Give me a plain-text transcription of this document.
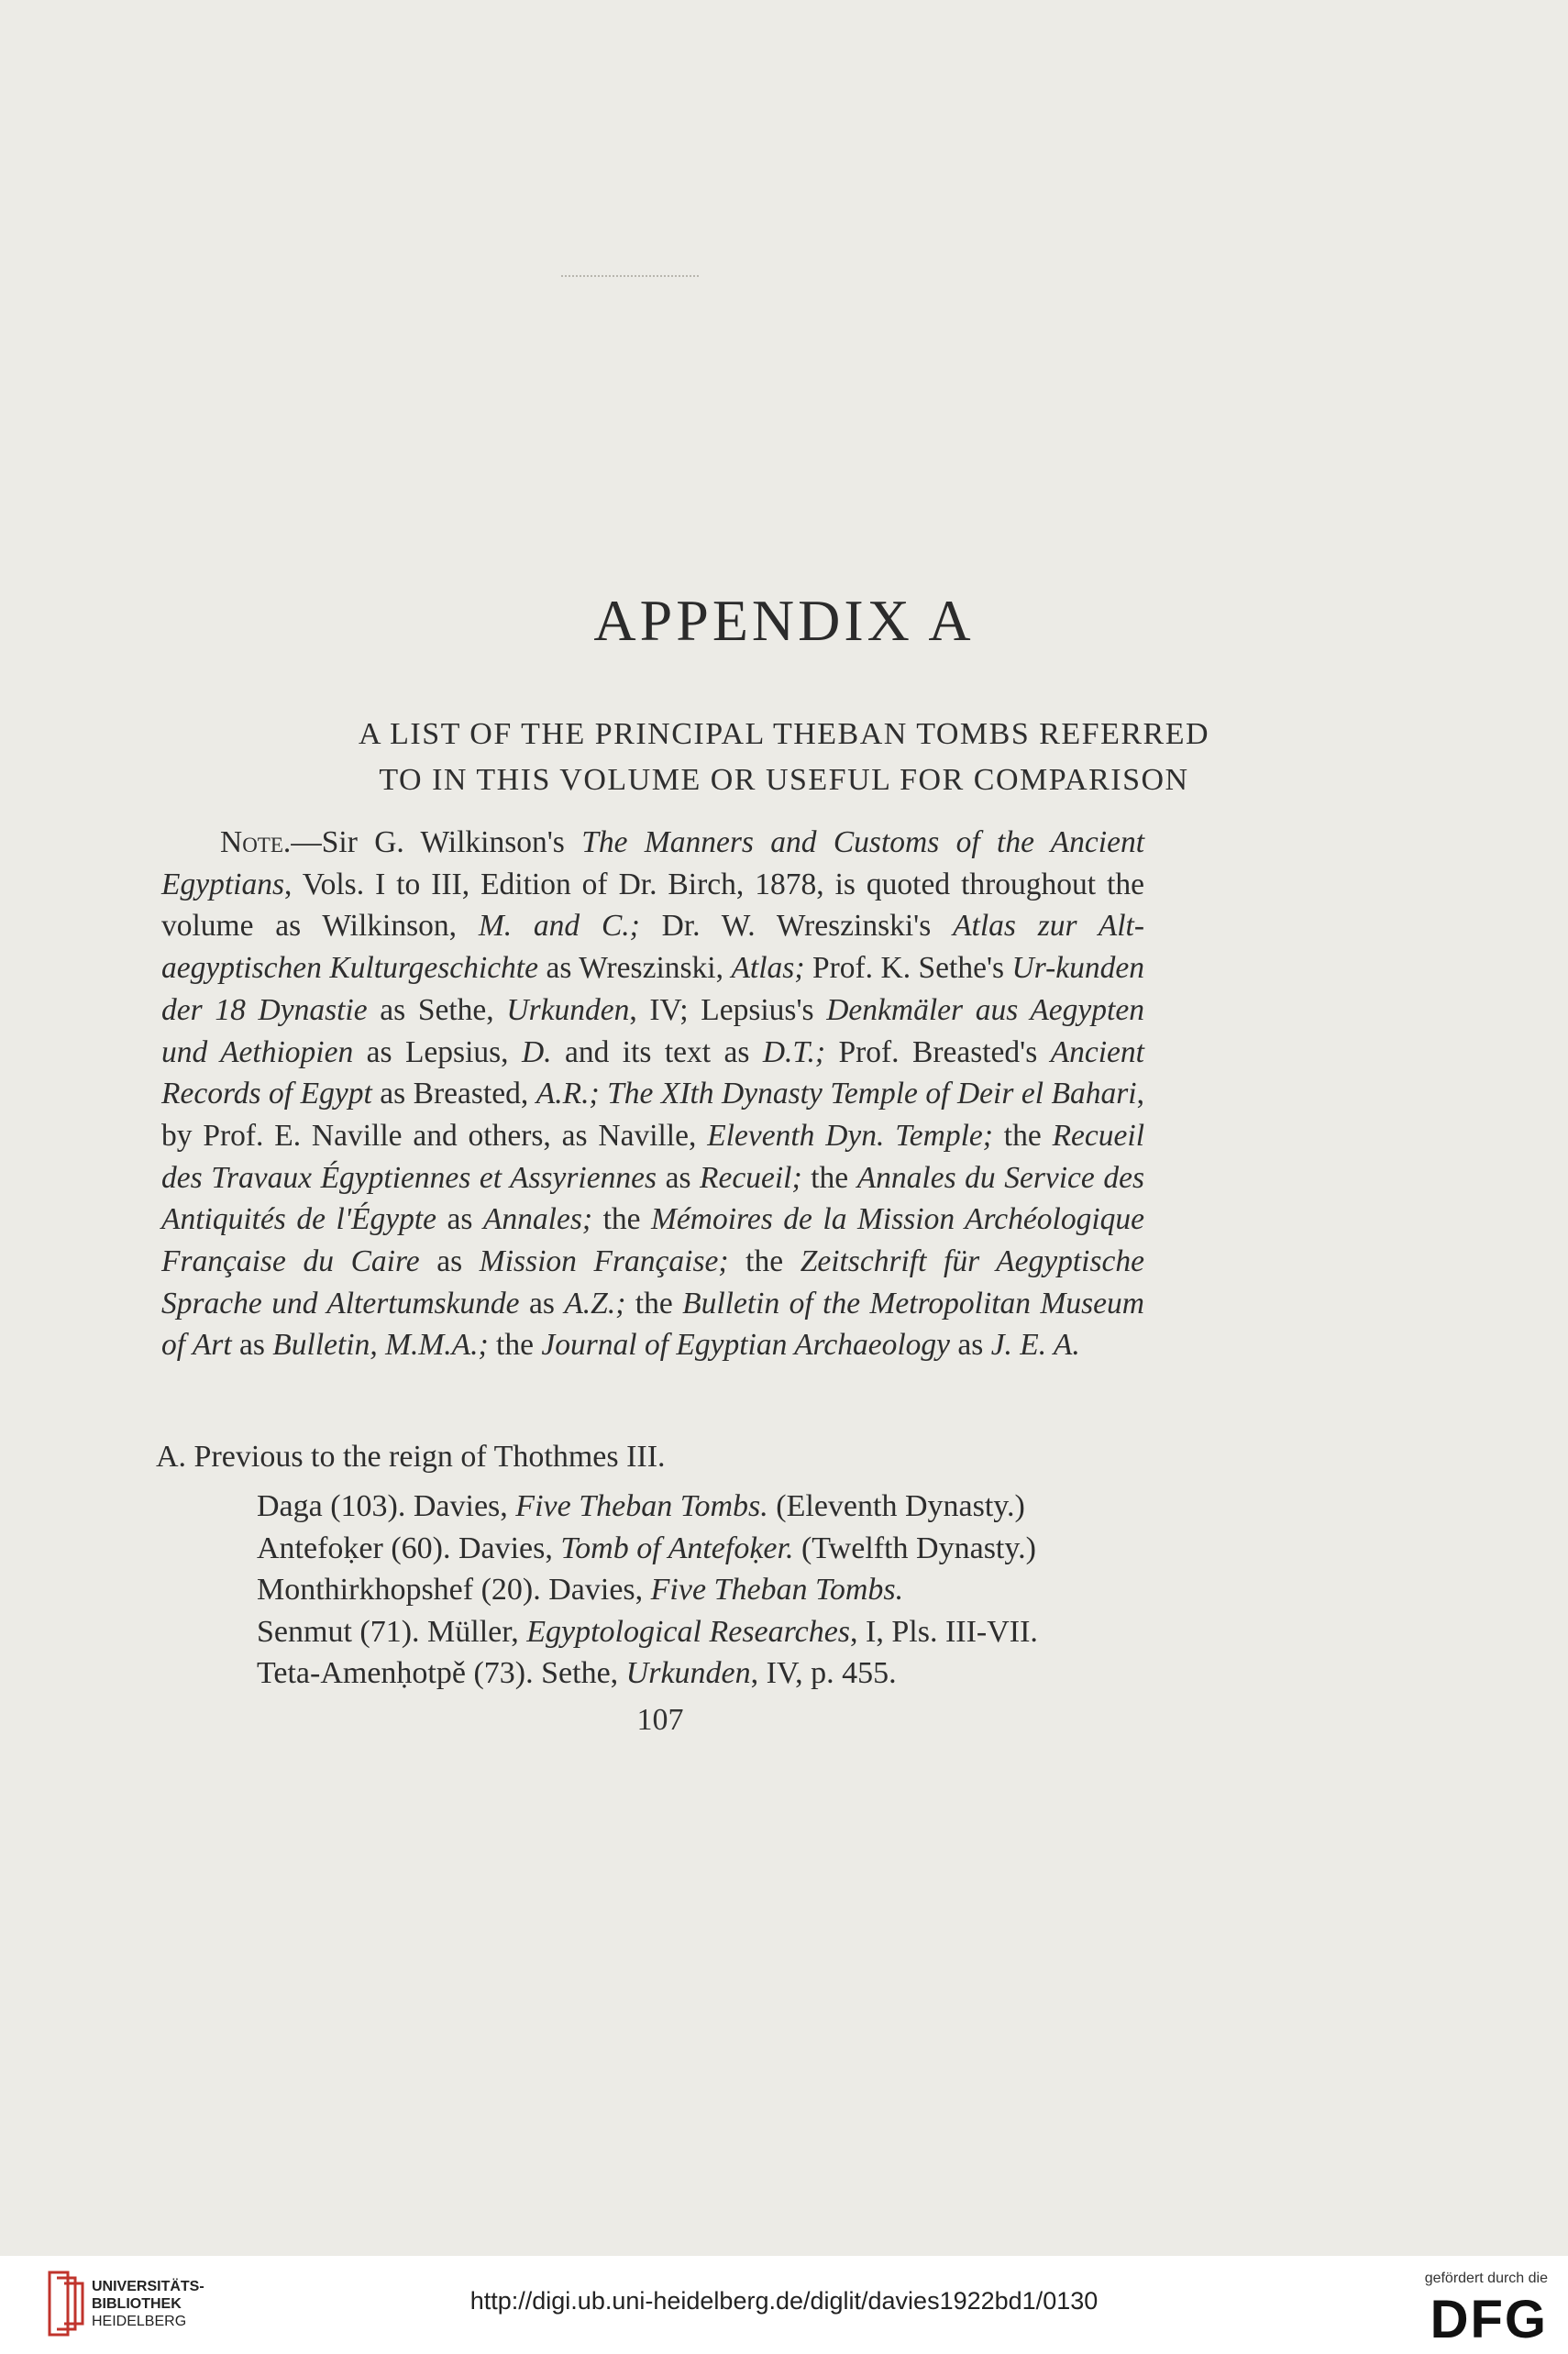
APPENDIX A
A LIST OF THE PRINCIPAL THEBAN TOMBS REFERRED
TO IN THIS VOLUME OR USEFUL FOR COMPARISON
Note.—Sir G. Wilkinson's The Manners and Customs of the Ancient Egyptians, Vols. I to III, Edition of Dr. Birch, 1878, is quoted throughout the volume as Wilkinson, M. and C.; Dr. W. Wreszinski's Atlas zur Alt-aegyptischen Kulturgeschichte as Wreszinski, Atlas; Prof. K. Sethe's Ur-kunden der 18 Dynastie as Sethe, Urkunden, IV; Lepsius's Denkmäler aus Aegypten und Aethiopien as Lepsius, D. and its text as D.T.; Prof. Breasted's Ancient Records of Egypt as Breasted, A.R.; The XIth Dynasty Temple of Deir el Bahari, by Prof. E. Naville and others, as Naville, Eleventh Dyn. Temple; the Recueil des Travaux Égyptiennes et Assyriennes as Recueil; the Annales du Service des Antiquités de l'Égypte as Annales; the Mémoires de la Mission Archéologique Française du Caire as Mission Française; the Zeitschrift für Aegyptische Sprache und Altertumskunde as A.Z.; the Bulletin of the Metropolitan Museum of Art as Bulletin, M.M.A.; the Journal of Egyptian Archaeology as J. E. A.
A. Previous to the reign of Thothmes III.
Daga (103). Davies, Five Theban Tombs. (Eleventh Dynasty.)
Antefoḳer (60). Davies, Tomb of Antefoḳer. (Twelfth Dynasty.)
Monthirkhopshef (20). Davies, Five Theban Tombs.
Senmut (71). Müller, Egyptological Researches, I, Pls. III-VII.
Teta-Amenḥotpě (73). Sethe, Urkunden, IV, p. 455.
107
UNIVERSITÄTS-
BIBLIOTHEK
HEIDELBERG
http://digi.ub.uni-heidelberg.de/diglit/davies1922bd1/0130
gefördert durch die
DFG
